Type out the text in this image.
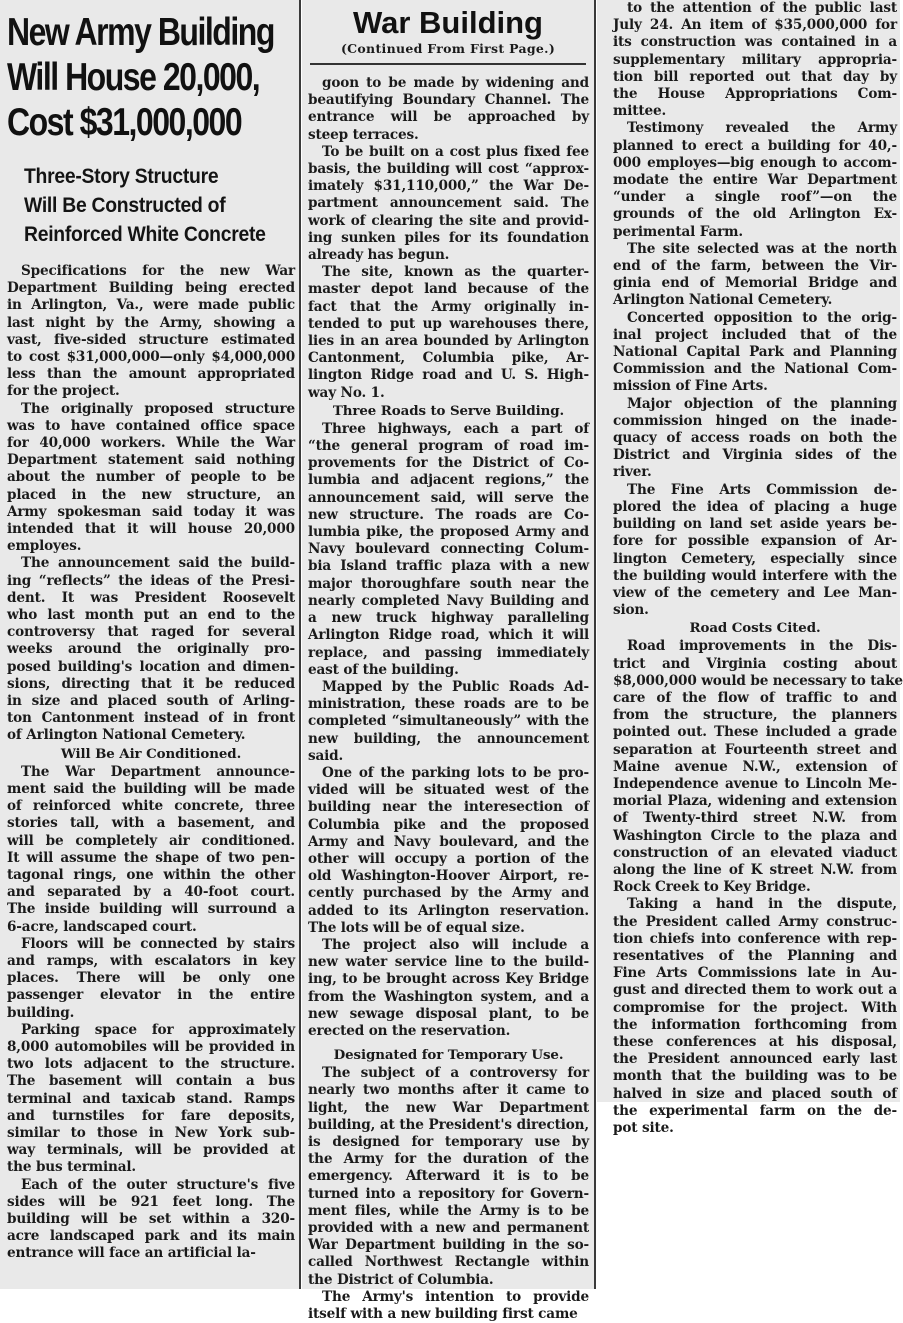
New Army Building
Will House 20,000,
Cost $31,000,000
Three-Story Structure
Will Be Constructed of
Reinforced White Concrete
Specifications for the new War
Department Building being erected
in Arlington, Va., were made public
last night by the Army, showing a
vast, five-sided structure estimated
to cost $31,000,000—only $4,000,000
less than the amount appropriated
for the project.
The originally proposed structure
was to have contained office space
for 40,000 workers. While the War
Department statement said nothing
about the number of people to be
placed in the new structure, an
Army spokesman said today it was
intended that it will house 20,000
employes.
The announcement said the build-
ing “reflects” the ideas of the Presi-
dent. It was President Roosevelt
who last month put an end to the
controversy that raged for several
weeks around the originally pro-
posed building's location and dimen-
sions, directing that it be reduced
in size and placed south of Arling-
ton Cantonment instead of in front
of Arlington National Cemetery.
Will Be Air Conditioned.
The War Department announce-
ment said the building will be made
of reinforced white concrete, three
stories tall, with a basement, and
will be completely air conditioned.
It will assume the shape of two pen-
tagonal rings, one within the other
and separated by a 40-foot court.
The inside building will surround a
6-acre, landscaped court.
Floors will be connected by stairs
and ramps, with escalators in key
places. There will be only one
passenger elevator in the entire
building.
Parking space for approximately
8,000 automobiles will be provided in
two lots adjacent to the structure.
The basement will contain a bus
terminal and taxicab stand. Ramps
and turnstiles for fare deposits,
similar to those in New York sub-
way terminals, will be provided at
the bus terminal.
Each of the outer structure's five
sides will be 921 feet long. The
building will be set within a 320-
acre landscaped park and its main
entrance will face an artificial la-
War Building
(Continued From First Page.)
goon to be made by widening and
beautifying Boundary Channel. The
entrance will be approached by
steep terraces.
To be built on a cost plus fixed fee
basis, the building will cost “approx-
imately $31,110,000,” the War De-
partment announcement said. The
work of clearing the site and provid-
ing sunken piles for its foundation
already has begun.
The site, known as the quarter-
master depot land because of the
fact that the Army originally in-
tended to put up warehouses there,
lies in an area bounded by Arlington
Cantonment, Columbia pike, Ar-
lington Ridge road and U. S. High-
way No. 1.
Three Roads to Serve Building.
Three highways, each a part of
“the general program of road im-
provements for the District of Co-
lumbia and adjacent regions,” the
announcement said, will serve the
new structure. The roads are Co-
lumbia pike, the proposed Army and
Navy boulevard connecting Colum-
bia Island traffic plaza with a new
major thoroughfare south near the
nearly completed Navy Building and
a new truck highway paralleling
Arlington Ridge road, which it will
replace, and passing immediately
east of the building.
Mapped by the Public Roads Ad-
ministration, these roads are to be
completed “simultaneously” with the
new building, the announcement
said.
One of the parking lots to be pro-
vided will be situated west of the
building near the interesection of
Columbia pike and the proposed
Army and Navy boulevard, and the
other will occupy a portion of the
old Washington-Hoover Airport, re-
cently purchased by the Army and
added to its Arlington reservation.
The lots will be of equal size.
The project also will include a
new water service line to the build-
ing, to be brought across Key Bridge
from the Washington system, and a
new sewage disposal plant, to be
erected on the reservation.
Designated for Temporary Use.
The subject of a controversy for
nearly two months after it came to
light, the new War Department
building, at the President's direction,
is designed for temporary use by
the Army for the duration of the
emergency. Afterward it is to be
turned into a repository for Govern-
ment files, while the Army is to be
provided with a new and permanent
War Department building in the so-
called Northwest Rectangle within
the District of Columbia.
The Army's intention to provide
itself with a new building first came
to the attention of the public last
July 24. An item of $35,000,000 for
its construction was contained in a
supplementary military appropria-
tion bill reported out that day by
the House Appropriations Com-
mittee.
Testimony revealed the Army
planned to erect a building for 40,-
000 employes—big enough to accom-
modate the entire War Department
“under a single roof”—on the
grounds of the old Arlington Ex-
perimental Farm.
The site selected was at the north
end of the farm, between the Vir-
ginia end of Memorial Bridge and
Arlington National Cemetery.
Concerted opposition to the orig-
inal project included that of the
National Capital Park and Planning
Commission and the National Com-
mission of Fine Arts.
Major objection of the planning
commission hinged on the inade-
quacy of access roads on both the
District and Virginia sides of the
river.
The Fine Arts Commission de-
plored the idea of placing a huge
building on land set aside years be-
fore for possible expansion of Ar-
lington Cemetery, especially since
the building would interfere with the
view of the cemetery and Lee Man-
sion.
Road Costs Cited.
Road improvements in the Dis-
trict and Virginia costing about
$8,000,000 would be necessary to take
care of the flow of traffic to and
from the structure, the planners
pointed out. These included a grade
separation at Fourteenth street and
Maine avenue N.W., extension of
Independence avenue to Lincoln Me-
morial Plaza, widening and extension
of Twenty-third street N.W. from
Washington Circle to the plaza and
construction of an elevated viaduct
along the line of K street N.W. from
Rock Creek to Key Bridge.
Taking a hand in the dispute,
the President called Army construc-
tion chiefs into conference with rep-
resentatives of the Planning and
Fine Arts Commissions late in Au-
gust and directed them to work out a
compromise for the project. With
the information forthcoming from
these conferences at his disposal,
the President announced early last
month that the building was to be
halved in size and placed south of
the experimental farm on the de-
pot site.
